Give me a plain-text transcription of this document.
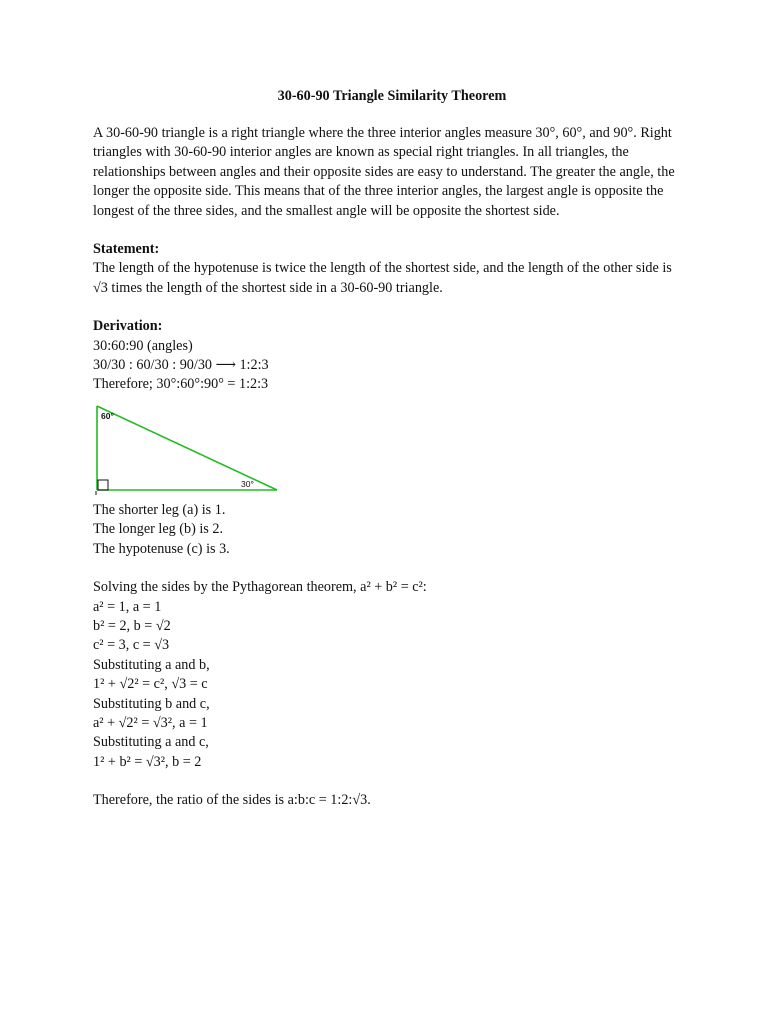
30-60-90 Triangle Similarity Theorem

A 30-60-90 triangle is a right triangle where the three interior angles measure 30°, 60°, and 90°. Right triangles with 30-60-90 interior angles are known as special right triangles. In all triangles, the relationships between angles and their opposite sides are easy to understand. The greater the angle, the longer the opposite side. This means that of the three interior angles, the largest angle is opposite the longest of the three sides, and the smallest angle will be opposite the shortest side.

Statement:

The length of the hypotenuse is twice the length of the shortest side, and the length of the other side is √3 times the length of the shortest side in a 30-60-90 triangle.

Derivation:

30:60:90 (angles)

30/30 : 60/30 : 90/30 ⟶ 1:2:3

Therefore; 30°:60°:90° = 1:2:3

60°
30°

The shorter leg (a) is 1.

The longer leg (b) is 2.

The hypotenuse (c) is 3.

Solving the sides by the Pythagorean theorem, a² + b² = c²:

a² = 1, a = 1

b² = 2, b = √2

c² = 3, c = √3

Substituting a and b,

1² + √2² = c², √3 = c

Substituting b and c,

a² + √2² = √3², a = 1

Substituting a and c,

1² + b² = √3², b = 2

Therefore, the ratio of the sides is a:b:c = 1:2:√3.
